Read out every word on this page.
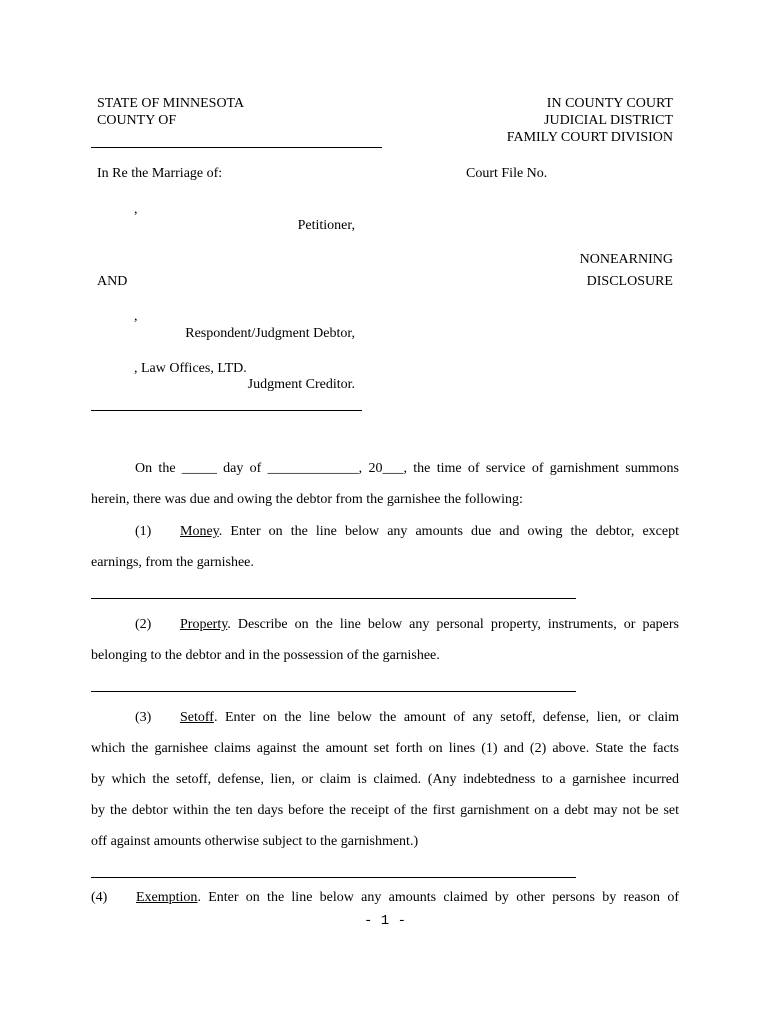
STATE OF MINNESOTA
COUNTY OF
IN COUNTY COURT
JUDICIAL DISTRICT
FAMILY COURT DIVISION
In Re the Marriage of:	Court File No.
,
Petitioner,
NONEARNING
AND	DISCLOSURE
,
Respondent/Judgment Debtor,
, Law Offices, LTD.
Judgment Creditor.
On the _____ day of _____________, 20___, the time of service of garnishment summons
herein, there was due and owing the debtor from the garnishee the following:
(1) Money. Enter on the line below any amounts due and owing the debtor, except
earnings, from the garnishee.
(2) Property. Describe on the line below any personal property, instruments, or papers
belonging to the debtor and in the possession of the garnishee.
(3) Setoff. Enter on the line below the amount of any setoff, defense, lien, or claim
which the garnishee claims against the amount set forth on lines (1) and (2) above. State the facts
by which the setoff, defense, lien, or claim is claimed. (Any indebtedness to a garnishee incurred
by the debtor within the ten days before the receipt of the first garnishment on a debt may not be set
off against amounts otherwise subject to the garnishment.)
(4) Exemption. Enter on the line below any amounts claimed by other persons by reason of
- 1 -
